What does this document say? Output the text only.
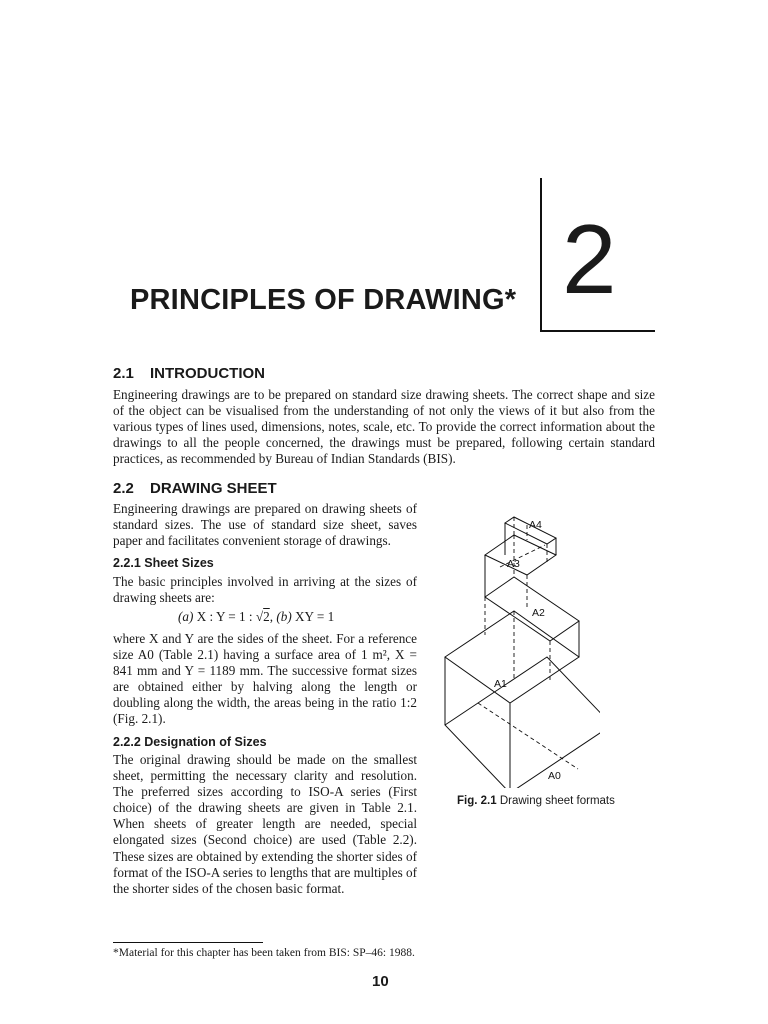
PRINCIPLES OF DRAWING* 2
2.1 INTRODUCTION

Engineering drawings are to be prepared on standard size drawing sheets. The correct shape and size of the object can be visualised from the understanding of not only the views of it but also from the various types of lines used, dimensions, notes, scale, etc. To provide the correct information about the drawings to all the people concerned, the drawings must be prepared, following certain standard practices, as recommended by Bureau of Indian Standards (BIS).

2.2 DRAWING SHEET

Engineering drawings are prepared on drawing sheets of standard sizes. The use of standard size sheet, saves paper and facilitates convenient storage of drawings.

2.2.1 Sheet Sizes

The basic principles involved in arriving at the sizes of drawing sheets are:

(a) X : Y = 1 : √2, (b) XY = 1

where X and Y are the sides of the sheet. For a reference size A0 (Table 2.1) having a surface area of 1 m², X = 841 mm and Y = 1189 mm. The successive format sizes are obtained either by halving along the length or doubling along the width, the areas being in the ratio 1:2 (Fig. 2.1).

2.2.2 Designation of Sizes

The original drawing should be made on the smallest sheet, permitting the necessary clarity and resolution. The preferred sizes according to ISO-A series (First choice) of the drawing sheets are given in Table 2.1. When sheets of greater length are needed, special elongated sizes (Second choice) are used (Table 2.2). These sizes are obtained by extending the shorter sides of format of the ISO-A series to lengths that are multiples of the shorter sides of the chosen basic format.

A4
A3
A2
A1
A0
Fig. 2.1 Drawing sheet formats
*Material for this chapter has been taken from BIS: SP–46: 1988.
10
